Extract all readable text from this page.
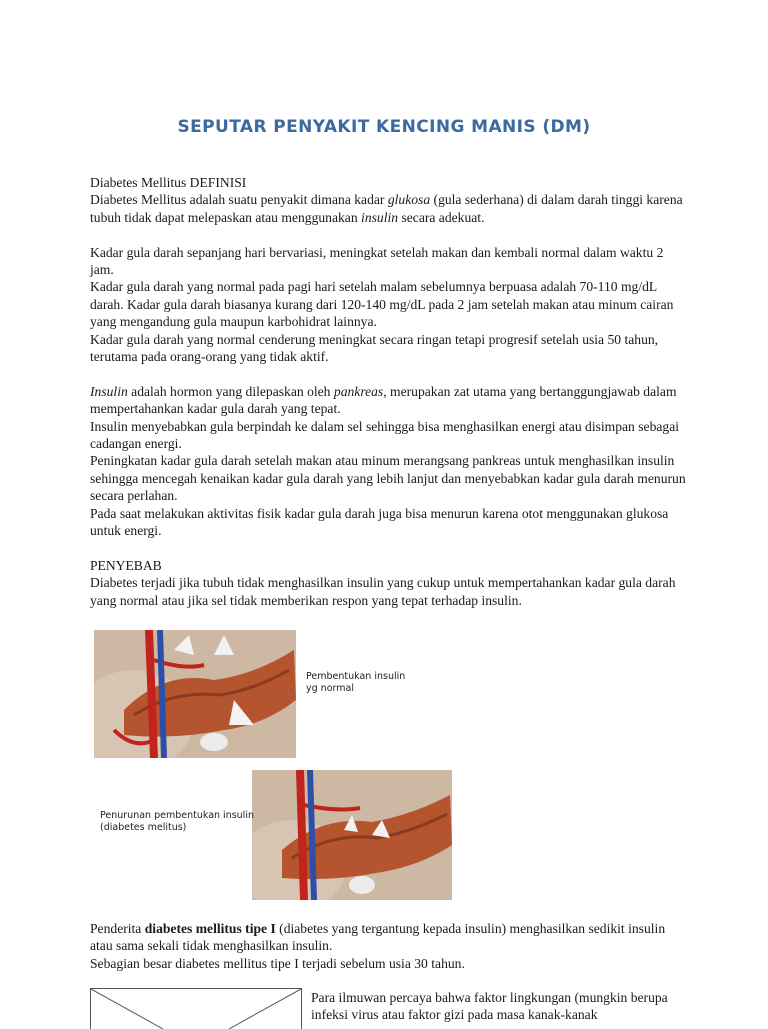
SEPUTAR PENYAKIT KENCING MANIS (DM)

Diabetes Mellitus DEFINISI

Diabetes Mellitus adalah suatu penyakit dimana kadar glukosa (gula sederhana) di dalam darah tinggi karena tubuh tidak dapat melepaskan atau menggunakan insulin secara adekuat.

Kadar gula darah sepanjang hari bervariasi, meningkat setelah makan dan kembali normal dalam waktu 2 jam.

Kadar gula darah yang normal pada pagi hari setelah malam sebelumnya berpuasa adalah 70-110 mg/dL darah. Kadar gula darah biasanya kurang dari 120-140 mg/dL pada 2 jam setelah makan atau minum cairan yang mengandung gula maupun karbohidrat lainnya.

Kadar gula darah yang normal cenderung meningkat secara ringan tetapi progresif setelah usia 50 tahun, terutama pada orang-orang yang tidak aktif.

Insulin adalah hormon yang dilepaskan oleh pankreas, merupakan zat utama yang bertanggungjawab dalam mempertahankan kadar gula darah yang tepat.

Insulin menyebabkan gula berpindah ke dalam sel sehingga bisa menghasilkan energi atau disimpan sebagai cadangan energi.

Peningkatan kadar gula darah setelah makan atau minum merangsang pankreas untuk menghasilkan insulin sehingga mencegah kenaikan kadar gula darah yang lebih lanjut dan menyebabkan kadar gula darah menurun secara perlahan.

Pada saat melakukan aktivitas fisik kadar gula darah juga bisa menurun karena otot menggunakan glukosa untuk energi.

PENYEBAB

Diabetes terjadi jika tubuh tidak menghasilkan insulin yang cukup untuk mempertahankan kadar gula darah yang normal atau jika sel tidak memberikan respon yang tepat terhadap insulin.

Pembentukan insulin
yg normal
Penurunan pembentukan insulin
(diabetes melitus)

Penderita diabetes mellitus tipe I (diabetes yang tergantung kepada insulin) menghasilkan sedikit insulin atau sama sekali tidak menghasilkan insulin.

Sebagian besar diabetes mellitus tipe I terjadi sebelum usia 30 tahun.

Para ilmuwan percaya bahwa faktor lingkungan (mungkin berupa infeksi virus atau faktor gizi pada masa kanak-kanak
